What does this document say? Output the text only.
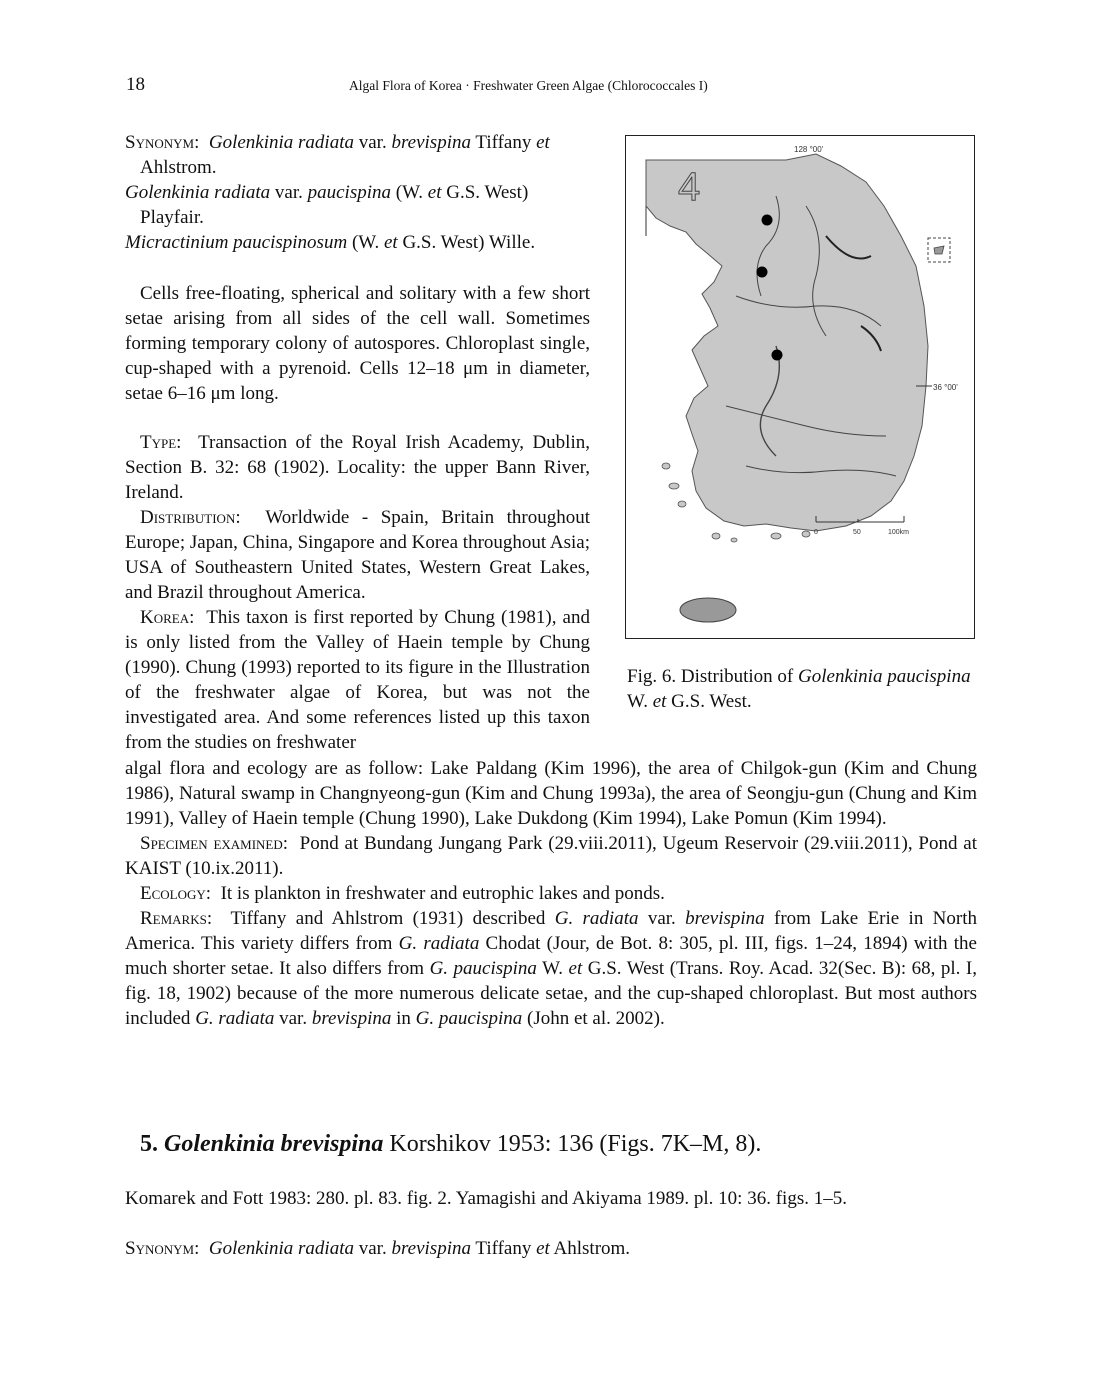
18	Algal Flora of Korea · Freshwater Green Algae (Chlorococcales I)

Synonym:  Golenkinia radiata var. brevispina Tiffany et Ahlstrom.

Golenkinia radiata var. paucispina (W. et G.S. West) Playfair.

Micractinium paucispinosum (W. et G.S. West) Wille.

Cells free-floating, spherical and solitary with a few short setae arising from all sides of the cell wall. Sometimes forming temporary colony of autospores. Chloroplast single, cup-shaped with a pyrenoid. Cells 12–18 μm in diameter, setae 6–16 μm long.

Type:  Transaction of the Royal Irish Academy, Dublin, Section B. 32: 68 (1902). Locality: the upper Bann River, Ireland.

Distribution:  Worldwide - Spain, Britain throughout Europe; Japan, China, Singapore and Korea throughout Asia; USA of Southeastern United States, Western Great Lakes, and Brazil throughout America.

Korea:  This taxon is first reported by Chung (1981), and is only listed from the Valley of Haein temple by Chung (1990). Chung (1993) reported to its figure in the Illustration of the freshwater algae of Korea, but was not the investigated area. And some references listed up this taxon from the studies on freshwater

algal flora and ecology are as follow: Lake Paldang (Kim 1996), the area of Chilgok-gun (Kim and Chung 1986), Natural swamp in Changnyeong-gun (Kim and Chung 1993a), the area of Seongju-gun (Chung and Kim 1991), Valley of Haein temple (Chung 1990), Lake Dukdong (Kim 1994), Lake Pomun (Kim 1994).

Specimen examined:  Pond at Bundang Jungang Park (29.viii.2011), Ugeum Reservoir (29.viii.2011), Pond at KAIST (10.ix.2011).

Ecology:  It is plankton in freshwater and eutrophic lakes and ponds.

Remarks:  Tiffany and Ahlstrom (1931) described G. radiata var. brevispina from Lake Erie in North America. This variety differs from G. radiata Chodat (Jour, de Bot. 8: 305, pl. III, figs. 1–24, 1894) with the much shorter setae. It also differs from G. paucispina W. et G.S. West (Trans. Roy. Acad. 32(Sec. B): 68, pl. I, fig. 18, 1902) because of the more numerous delicate setae, and the cup-shaped chloroplast. But most authors included G. radiata var. brevispina in G. paucispina (John et al. 2002).

128 °00'
36 °00'
4
0	50	100km
Fig. 6. Distribution of Golenkinia paucispina W. et G.S. West.
5. Golenkinia brevispina Korshikov 1953: 136 (Figs. 7K–M, 8).

Komarek and Fott 1983: 280. pl. 83. fig. 2. Yamagishi and Akiyama 1989. pl. 10: 36. figs. 1–5.

Synonym:  Golenkinia radiata var. brevispina Tiffany et Ahlstrom.
